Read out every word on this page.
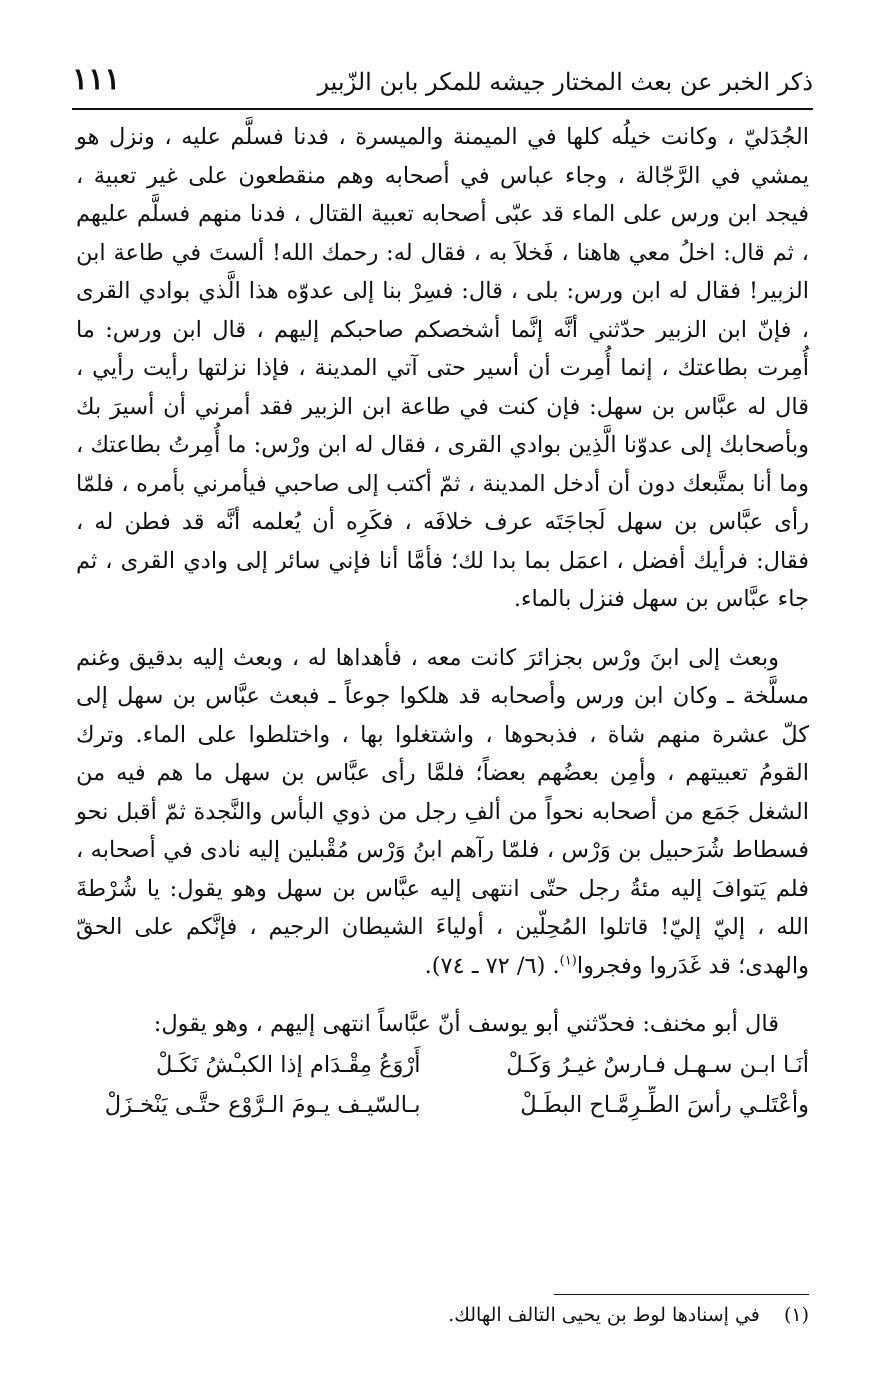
ذكر الخبر عن بعث المختار جيشه للمكر بابن الزّبير
١١١

الجُدَليّ ، وكانت خيلُه كلها في الميمنة والميسرة ، فدنا فسلَّم عليه ، ونزل هو يمشي في الرَّجّالة ، وجاء عباس في أصحابه وهم منقطعون على غير تعبية ، فيجد ابن ورس على الماء قد عبّى أصحابه تعبية القتال ، فدنا منهم فسلَّم عليهم ، ثم قال: اخلُ معي هاهنا ، فَخلاَ به ، فقال له: رحمك الله! ألستَ في طاعة ابن الزبير! فقال له ابن ورس: بلى ، قال: فسِرْ بنا إلى عدوّه هذا الَّذي بوادي القرى ، فإنّ ابن الزبير حدّثني أنَّه إنَّما أشخصكم صاحبكم إليهم ، قال ابن ورس: ما أُمِرت بطاعتك ، إنما أُمِرت أن أسير حتى آتي المدينة ، فإذا نزلتها رأيت رأيي ، قال له عبَّاس بن سهل: فإن كنت في طاعة ابن الزبير فقد أمرني أن أسيرَ بك وبأصحابك إلى عدوّنا الَّذِين بوادي القرى ، فقال له ابن ورْس: ما أُمِرتُ بطاعتك ، وما أنا بمتَّبعك دون أن أدخل المدينة ، ثمّ أكتب إلى صاحبي فيأمرني بأمره ، فلمّا رأى عبَّاس بن سهل لَجاجَتَه عرف خلافَه ، فكَرِه أن يُعلمه أنَّه قد فطن له ، فقال: فرأيك أفضل ، اعمَل بما بدا لك؛ فأمَّا أنا فإني سائر إلى وادي القرى ، ثم جاء عبَّاس بن سهل فنزل بالماء.

وبعث إلى ابنَ ورْس بجزائرَ كانت معه ، فأهداها له ، وبعث إليه بدقيق وغنم مسلَّخة ـ وكان ابن ورس وأصحابه قد هلكوا جوعاً ـ فبعث عبَّاس بن سهل إلى كلّ عشرة منهم شاة ، فذبحوها ، واشتغلوا بها ، واختلطوا على الماء. وترك القومُ تعبيتهم ، وأمِن بعضُهم بعضاً؛ فلمَّا رأى عبَّاس بن سهل ما هم فيه من الشغل جَمَع من أصحابه نحواً من ألفِ رجل من ذوي البأس والنَّجدة ثمّ أقبل نحو فسطاط شُرَحبيل بن وَرْس ، فلمّا رآهم ابنُ وَرْس مُقْبلين إليه نادى في أصحابه ، فلم يَتوافَ إليه مئةُ رجل حتّى انتهى إليه عبَّاس بن سهل وهو يقول: يا شُرْطةَ الله ، إليّ إليّ! قاتلوا المُحِلّين ، أولياءَ الشيطان الرجيم ، فإنَّكم على الحقّ والهدى؛ قد غَدَروا وفجروا$^{(١)}$. (٦/ ٧٢ ـ ٧٤).

قال أبو مخنف: فحدّثني أبو يوسف أنّ عبَّاساً انتهى إليهم ، وهو يقول:

أنَـا ابـن سـهـل فـارسٌ غيـرُ وَكَـلْ
أَرْوَعُ مِقْـدَام إذا الكبـْشُ نَكَـلْ
وأعْتَلـي رأسَ الطِّـرِمَّـاح البطَـلْ
بـالسّيـف يـومَ الـرَّوْع حتَّـى يَنْخـزَلْ
(١) في إسنادها لوط بن يحيى التالف الهالك.
